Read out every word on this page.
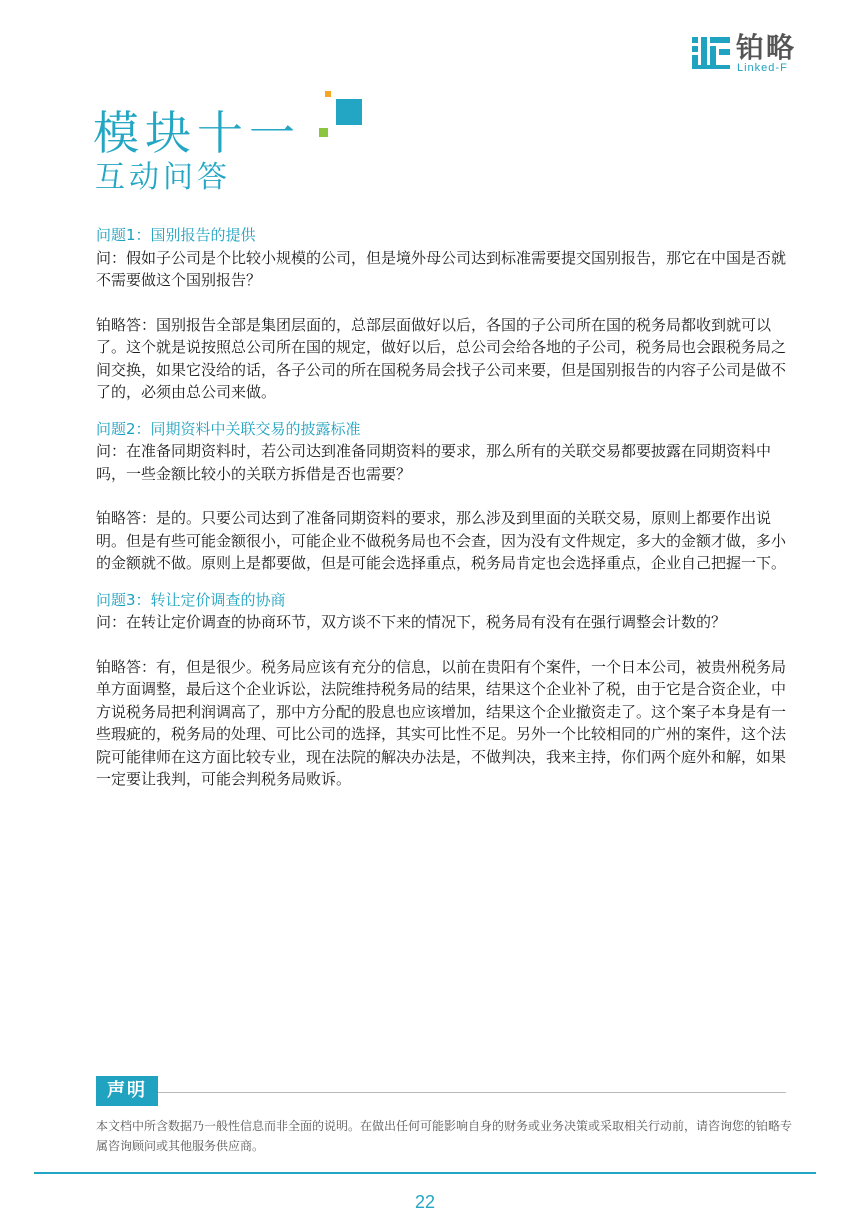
铂略
Linked-F
模块十一
互动问答

问题1：国别报告的提供

问：假如子公司是个比较小规模的公司，但是境外母公司达到标准需要提交国别报告，那它在中国是否就不需要做这个国别报告？

铂略答：国别报告全部是集团层面的，总部层面做好以后，各国的子公司所在国的税务局都收到就可以了。这个就是说按照总公司所在国的规定，做好以后，总公司会给各地的子公司，税务局也会跟税务局之间交换，如果它没给的话，各子公司的所在国税务局会找子公司来要，但是国别报告的内容子公司是做不了的，必须由总公司来做。

问题2：同期资料中关联交易的披露标准

问：在准备同期资料时，若公司达到准备同期资料的要求，那么所有的关联交易都要披露在同期资料中吗，一些金额比较小的关联方拆借是否也需要？

铂略答：是的。只要公司达到了准备同期资料的要求，那么涉及到里面的关联交易，原则上都要作出说明。但是有些可能金额很小，可能企业不做税务局也不会查，因为没有文件规定，多大的金额才做，多小的金额就不做。原则上是都要做，但是可能会选择重点，税务局肯定也会选择重点，企业自己把握一下。

问题3：转让定价调查的协商

问：在转让定价调查的协商环节，双方谈不下来的情况下，税务局有没有在强行调整会计数的？

铂略答：有，但是很少。税务局应该有充分的信息，以前在贵阳有个案件，一个日本公司，被贵州税务局单方面调整，最后这个企业诉讼，法院维持税务局的结果，结果这个企业补了税，由于它是合资企业，中方说税务局把利润调高了，那中方分配的股息也应该增加，结果这个企业撤资走了。这个案子本身是有一些瑕疵的，税务局的处理、可比公司的选择，其实可比性不足。另外一个比较相同的广州的案件，这个法院可能律师在这方面比较专业，现在法院的解决办法是，不做判决，我来主持，你们两个庭外和解，如果一定要让我判，可能会判税务局败诉。

声明
本文档中所含数据乃一般性信息而非全面的说明。在做出任何可能影响自身的财务或业务决策或采取相关行动前，请咨询您的铂略专属咨询顾问或其他服务供应商。
22
